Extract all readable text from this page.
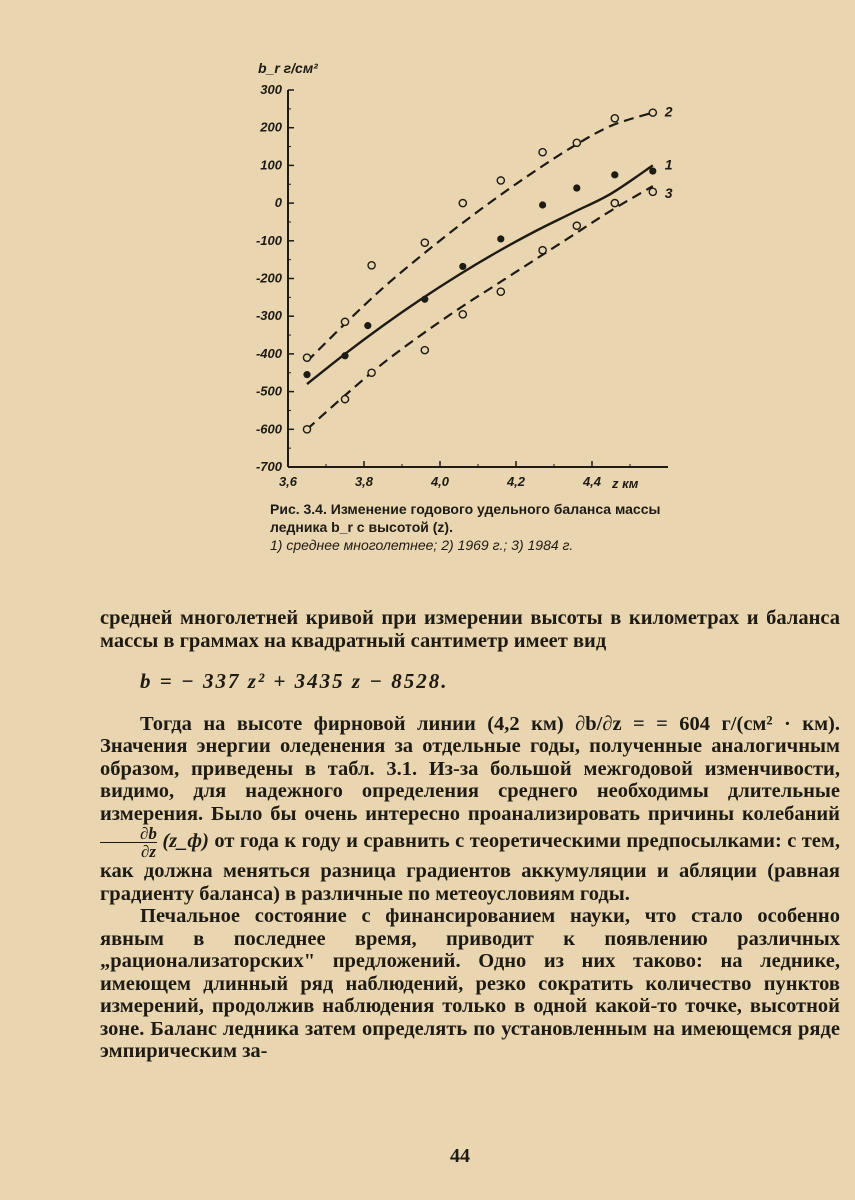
300
200
100
0
-100
-200
-300
-400
-500
-600
-700
3,6	3,8	4,0	4,2	4,4
1
2
3
b_r г/см²
z км
Рис. 3.4. Изменение годового удельного баланса массы ледника b_r с высотой (z).
1) среднее многолетнее; 2) 1969 г.; 3) 1984 г.

средней многолетней кривой при измерении высоты в километрах и баланса массы в граммах на квадратный сантиметр имеет вид

b = − 337 z² + 3435 z − 8528.

Тогда на высоте фирновой линии (4,2 км) ∂b/∂z = = 604 г/(см² · км). Значения энергии оледенения за отдельные годы, полученные аналогичным образом, приведены в табл. 3.1. Из-за большой межгодовой изменчивости, видимо, для надежного определения среднего необходимы длительные измерения. Было бы очень интересно проанализировать причины колебаний
$\frac{\partial b}{\partial z}$ (z_ф) от года к году и сравнить с теоретическими предпосылками: с тем, как должна меняться разница градиентов аккумуляции и абляции (равная градиенту баланса) в различные по метеоусловиям годы.

Печальное состояние с финансированием науки, что стало особенно явным в последнее время, приводит к появлению различных „рационализаторских" предложений. Одно из них таково: на леднике, имеющем длинный ряд наблюдений, резко сократить количество пунктов измерений, продолжив наблюдения только в одной какой-то точке, высотной зоне. Баланс ледника затем определять по установленным на имеющемся ряде эмпирическим за-

44
